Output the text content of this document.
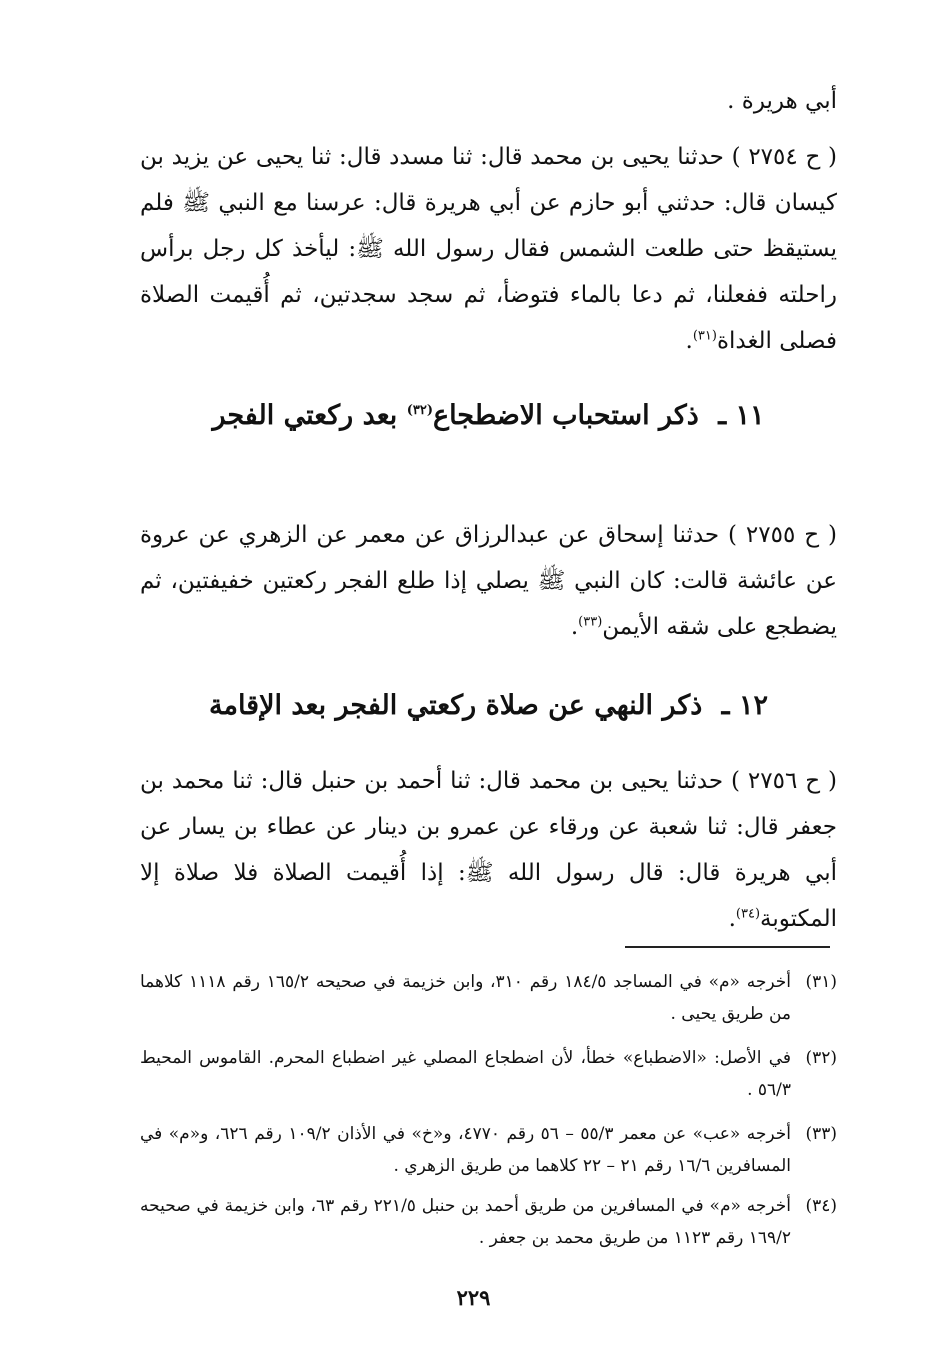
أبي هريرة .

( ح ٢٧٥٤ ) حدثنا يحيى بن محمد قال: ثنا مسدد قال: ثنا يحيى عن يزيد بن كيسان قال: حدثني أبو حازم عن أبي هريرة قال: عرسنا مع النبي ﷺ فلم يستيقظ حتى طلعت الشمس فقال رسول الله ﷺ: ليأخذ كل رجل برأس راحلته ففعلنا، ثم دعا بالماء فتوضأ، ثم سجد سجدتين، ثم أُقيمت الصلاة فصلى الغداة$^{(٣١)}$.

١١ ـ ذكر استحباب الاضطجاع$^{(٣٢)}$ بعد ركعتي الفجر

( ح ٢٧٥٥ ) حدثنا إسحاق عن عبدالرزاق عن معمر عن الزهري عن عروة عن عائشة قالت: كان النبي ﷺ يصلي إذا طلع الفجر ركعتين خفيفتين، ثم يضطجع على شقه الأيمن$^{(٣٣)}$.

١٢ ـ ذكر النهي عن صلاة ركعتي الفجر بعد الإقامة

( ح ٢٧٥٦ ) حدثنا يحيى بن محمد قال: ثنا أحمد بن حنبل قال: ثنا محمد بن جعفر قال: ثنا شعبة عن ورقاء عن عمرو بن دينار عن عطاء بن يسار عن أبي هريرة قال: قال رسول الله ﷺ: إذا أُقيمت الصلاة فلا صلاة إلا المكتوبة$^{(٣٤)}$.

(٣١)
أخرجه «م» في المساجد ١٨٤/٥ رقم ٣١٠، وابن خزيمة في صحيحه ١٦٥/٢ رقم ١١١٨ كلاهما من طريق يحيى .
(٣٢)
في الأصل: «الاضطباع» خطأ، لأن اضطجاع المصلي غير اضطباع المحرم. القاموس المحيط ٥٦/٣ .
(٣٣)
أخرجه «عب» عن معمر ٥٥/٣ – ٥٦ رقم ٤٧٧٠، و«خ» في الأذان ١٠٩/٢ رقم ٦٢٦، و«م» في المسافرين ١٦/٦ رقم ٢١ – ٢٢ كلاهما من طريق الزهري .
(٣٤)
أخرجه «م» في المسافرين من طريق أحمد بن حنبل ٢٢١/٥ رقم ٦٣، وابن خزيمة في صحيحه ١٦٩/٢ رقم ١١٢٣ من طريق محمد بن جعفر .
٢٢٩
